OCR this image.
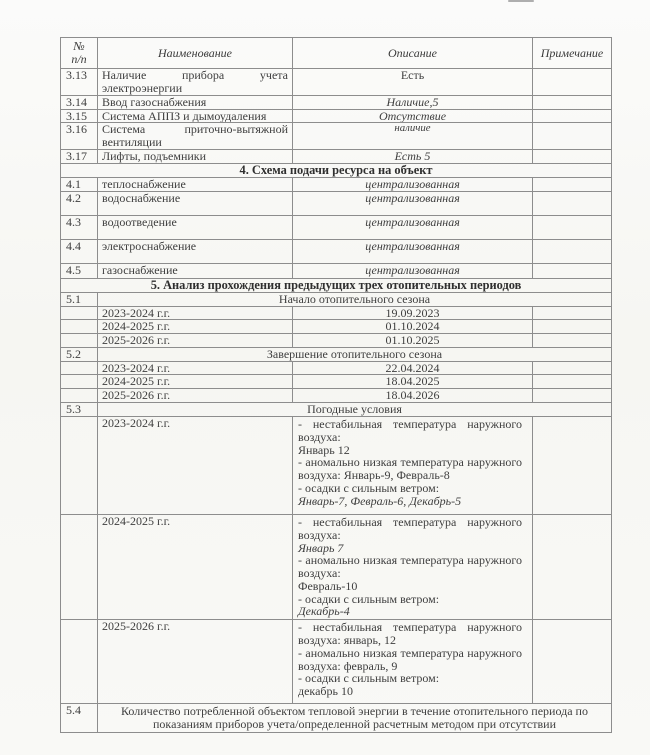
№
п/п	Наименование	Описание	Примечание
3.13	Наличие прибора учета электроэнергии	Есть	
3.14	Ввод газоснабжения	Наличие,5	
3.15	Система АППЗ и дымоудаления	Отсутствие	
3.16	Система приточно-вытяжной вентиляции	наличие	
3.17	Лифты, подъемники	Есть 5	
4. Схема подачи ресурса на объект			
4.1	теплоснабжение	централизованная	
4.2	водоснабжение	централизованная	
4.3	водоотведение	централизованная	
4.4	электроснабжение	централизованная	
4.5	газоснабжение	централизованная	
5. Анализ прохождения предыдущих трех отопительных периодов			
5.1	Начало отопительного сезона		
	2023-2024 г.г.	19.09.2023	
	2024-2025 г.г.	01.10.2024	
	2025-2026 г.г.	01.10.2025	
5.2	Завершение отопительного сезона		
	2023-2024 г.г.	22.04.2024	
	2024-2025 г.г.	18.04.2025	
	2025-2026 г.г.	18.04.2026	
5.3	Погодные условия		
	2023-2024 г.г.	- нестабильная температура наружного воздуха:
Январь 12
- аномально низкая температура наружного воздуха: Январь-9, Февраль-8
- осадки с сильным ветром:
Январь-7, Февраль-6, Декабрь-5	

	2024-2025 г.г.	- нестабильная температура наружного воздуха:
Январь 7
- аномально низкая температура наружного воздуха:
Февраль-10
- осадки с сильным ветром:
Декабрь-4

	2025-2026 г.г.	- нестабильная температура наружного воздуха: январь, 12
- аномально низкая температура наружного воздуха: февраль, 9
- осадки с сильным ветром:
декабрь 10	

5.4	Количество потребленной объектом тепловой энергии в течение отопительного периода по показаниям приборов учета/определенной расчетным методом при отсутствии		
